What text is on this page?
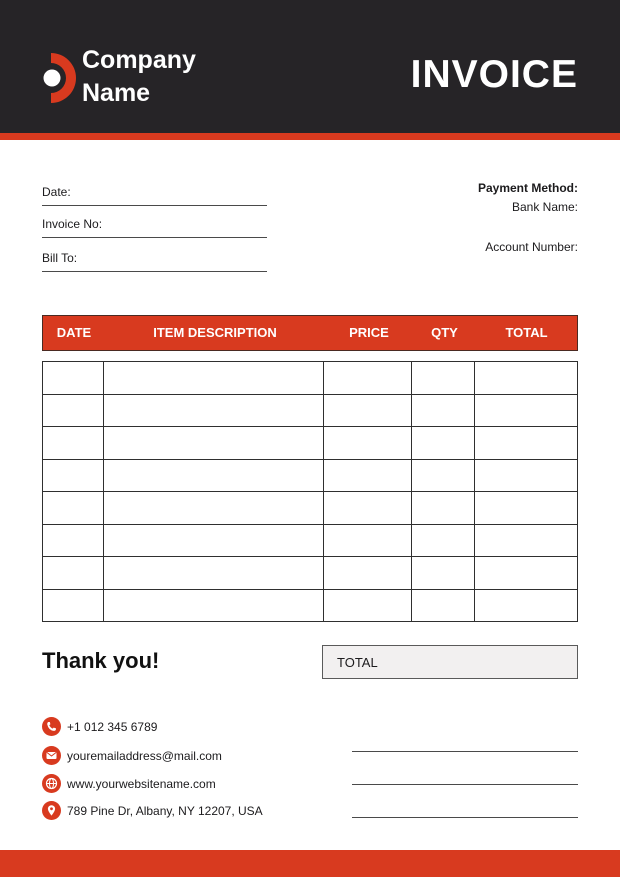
Company
Name	INVOICE
Date:
Invoice No:
Bill To:
Payment Method:
Bank Name:
Account Number:
DATE	ITEM DESCRIPTION	PRICE	QTY	TOTAL

Thank you!	TOTAL
+1 012 345 6789
youremailaddress@mail.com
www.yourwebsitename.com
789 Pine Dr, Albany, NY 12207, USA
